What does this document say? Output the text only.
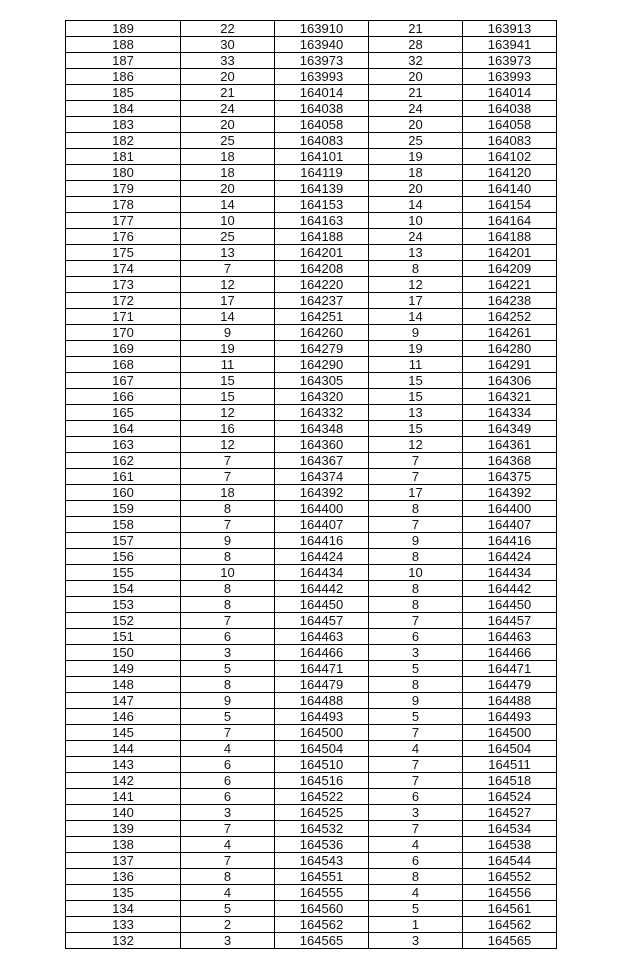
189	22	163910	21	163913
188	30	163940	28	163941
187	33	163973	32	163973
186	20	163993	20	163993
185	21	164014	21	164014
184	24	164038	24	164038
183	20	164058	20	164058
182	25	164083	25	164083
181	18	164101	19	164102
180	18	164119	18	164120
179	20	164139	20	164140
178	14	164153	14	164154
177	10	164163	10	164164
176	25	164188	24	164188
175	13	164201	13	164201
174	7	164208	8	164209
173	12	164220	12	164221
172	17	164237	17	164238
171	14	164251	14	164252
170	9	164260	9	164261
169	19	164279	19	164280
168	11	164290	11	164291
167	15	164305	15	164306
166	15	164320	15	164321
165	12	164332	13	164334
164	16	164348	15	164349
163	12	164360	12	164361
162	7	164367	7	164368
161	7	164374	7	164375
160	18	164392	17	164392
159	8	164400	8	164400
158	7	164407	7	164407
157	9	164416	9	164416
156	8	164424	8	164424
155	10	164434	10	164434
154	8	164442	8	164442
153	8	164450	8	164450
152	7	164457	7	164457
151	6	164463	6	164463
150	3	164466	3	164466
149	5	164471	5	164471
148	8	164479	8	164479
147	9	164488	9	164488
146	5	164493	5	164493
145	7	164500	7	164500
144	4	164504	4	164504
143	6	164510	7	164511
142	6	164516	7	164518
141	6	164522	6	164524
140	3	164525	3	164527
139	7	164532	7	164534
138	4	164536	4	164538
137	7	164543	6	164544
136	8	164551	8	164552
135	4	164555	4	164556
134	5	164560	5	164561
133	2	164562	1	164562
132	3	164565	3	164565
